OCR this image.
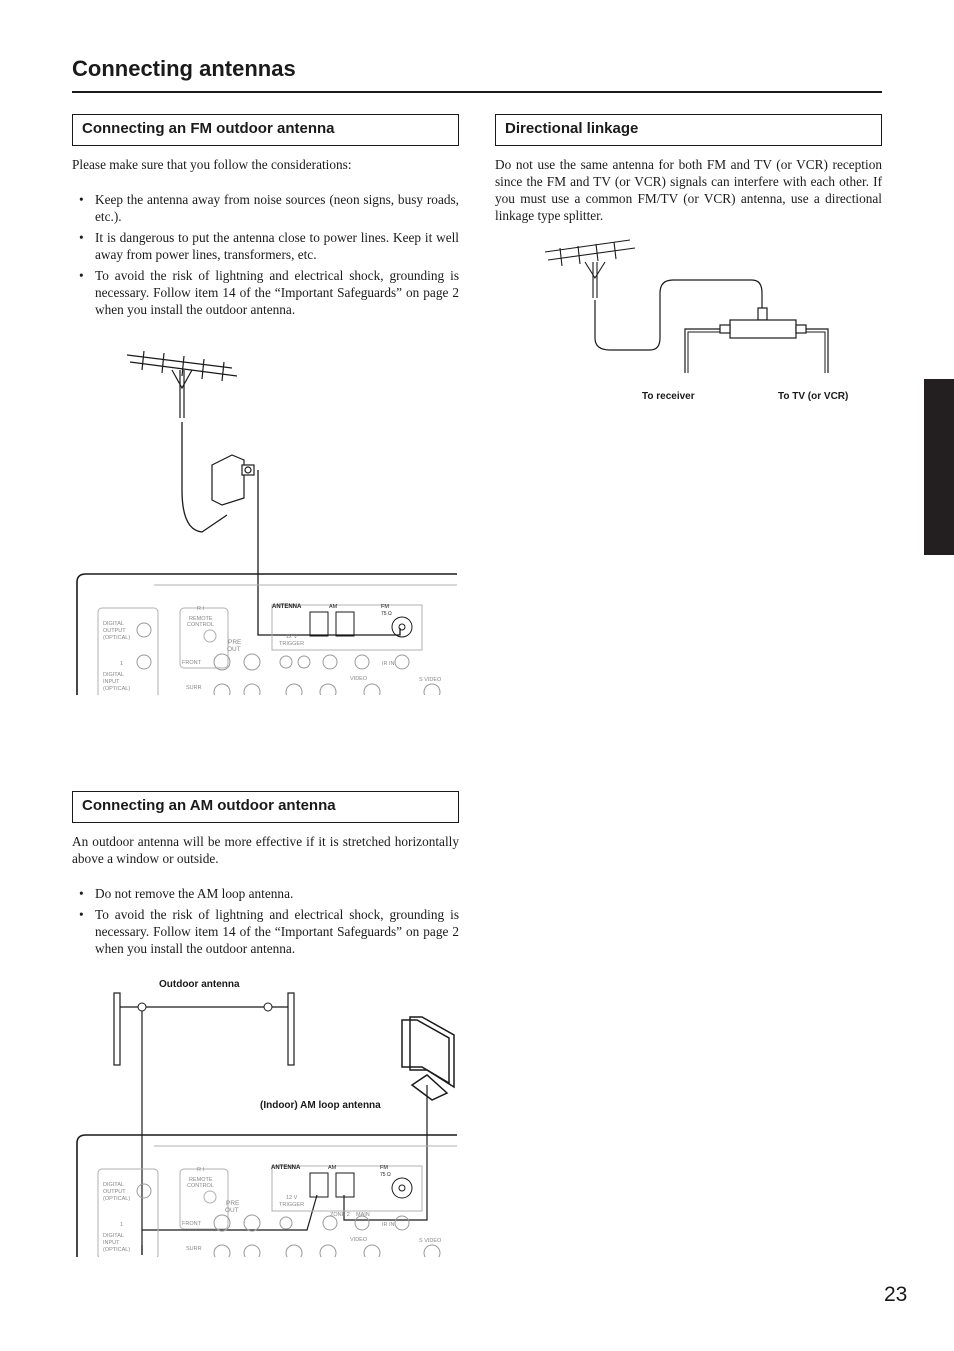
Connecting antennas
Connecting an FM outdoor antenna

Please make sure that you follow the considerations:

• Keep the antenna away from noise sources (neon signs, busy roads, etc.).
• It is dangerous to put the antenna close to power lines. Keep it well away from power lines, transformers, etc.
• To avoid the risk of lightning and electrical shock, grounding is necessary. Follow item 14 of the “Important Safeguards” on page 2 when you install the outdoor antenna.
Directional linkage

Do not use the same antenna for both FM and TV (or VCR) reception since the FM and TV (or VCR) signals can interfere with each other. If you must use a common FM/TV (or VCR) antenna, use a directional linkage type splitter.

Connecting an AM outdoor antenna

An outdoor antenna will be more effective if it is stretched horizontally above a window or outside.

• Do not remove the AM loop antenna.
• To avoid the risk of lightning and electrical shock, grounding is necessary. Follow item 14 of the “Important Safeguards” on page 2 when you install the outdoor antenna.
ANTENNA	AM	FM
75 Ω
DIGITAL
OUTPUT
(OPTICAL)
1
DIGITAL
INPUT
(OPTICAL)
R I
REMOTE
CONTROL
PRE
OUT
FRONT
SURR
12 V
TRIGGER
IR IN
VIDEO	S VIDEO
To receiver	To TV (or VCR)
Outdoor antenna
(Indoor) AM loop antenna
ANTENNA	AM	FM
75 Ω
DIGITAL
OUTPUT
(OPTICAL)
1
DIGITAL
INPUT
(OPTICAL)
R I
REMOTE
CONTROL
PRE
OUT
FRONT
SURR
12 V
TRIGGER
ZONE 2 MAIN
IR IN
VIDEO	S VIDEO
23
